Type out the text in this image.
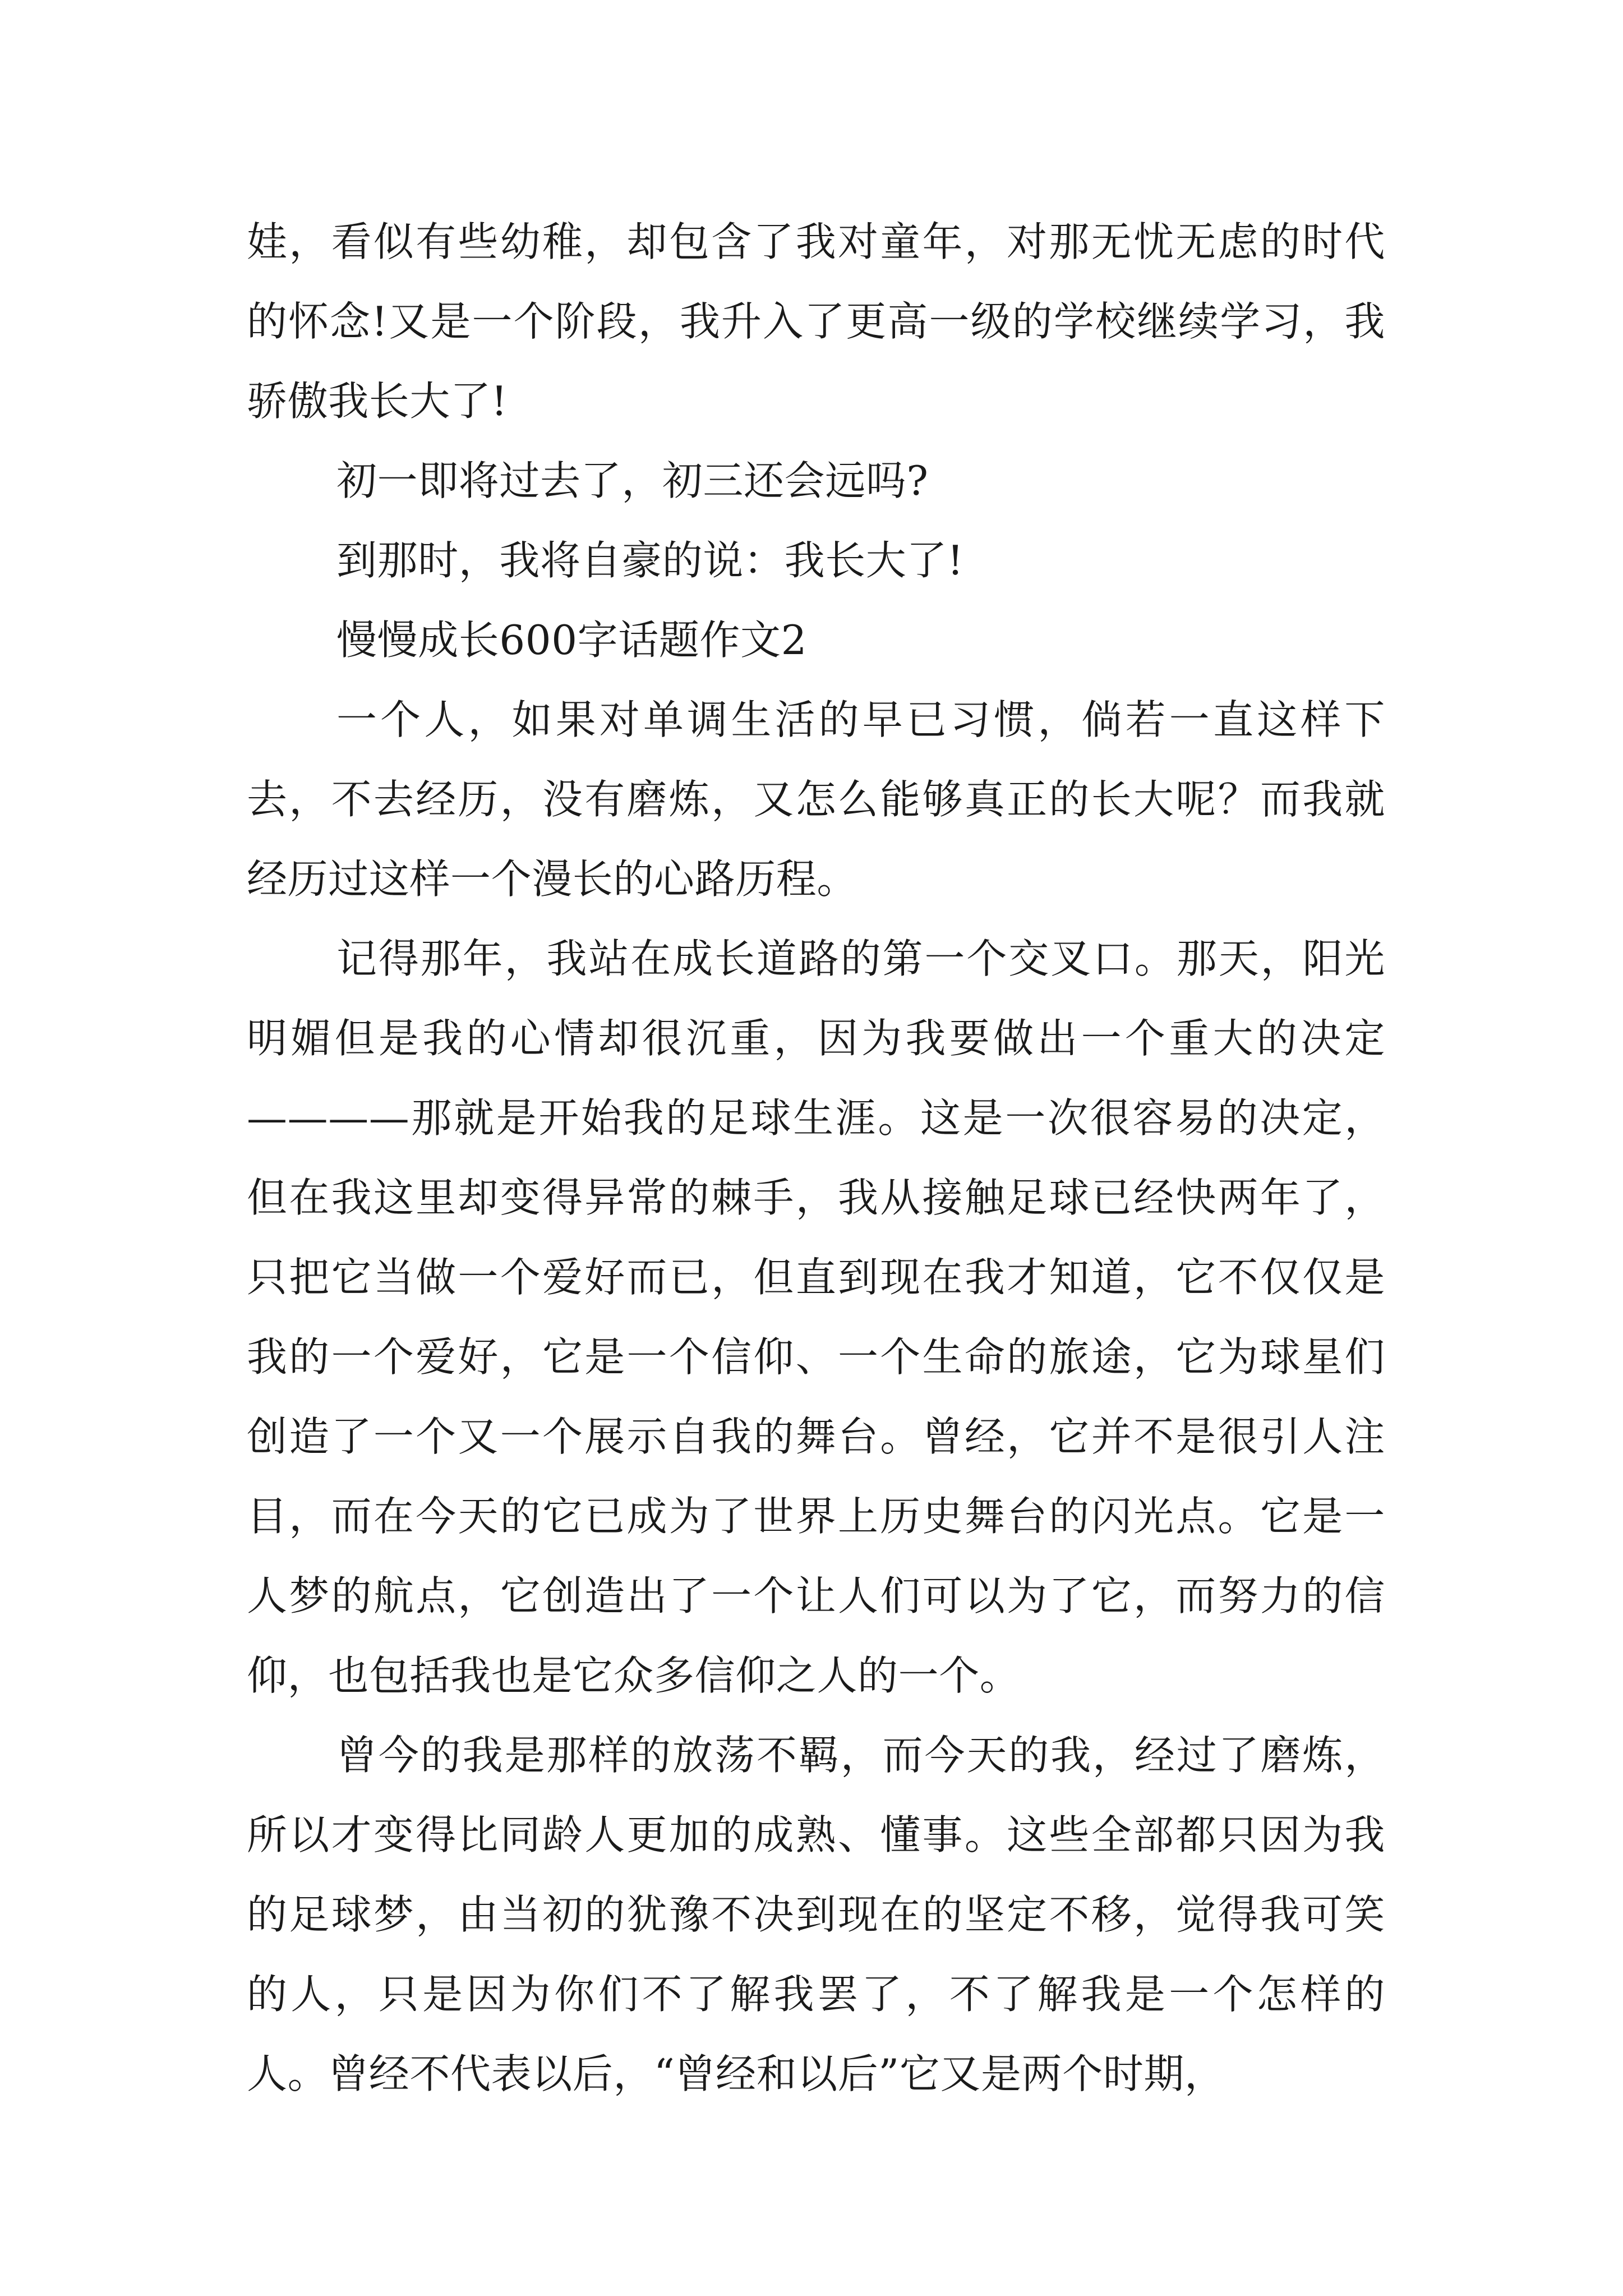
娃，看似有些幼稚，却包含了我对童年，对那无忧无虑的时代的怀念!又是一个阶段，我升入了更高一级的学校继续学习，我骄傲我长大了!

初一即将过去了，初三还会远吗?

到那时，我将自豪的说：我长大了!

慢慢成长600字话题作文2

一个人，如果对单调生活的早已习惯，倘若一直这样下去，不去经历，没有磨炼，又怎么能够真正的长大呢？而我就经历过这样一个漫长的心路历程。

记得那年，我站在成长道路的第一个交叉口。那天，阳光明媚但是我的心情却很沉重，因为我要做出一个重大的决定————那就是开始我的足球生涯。这是一次很容易的决定，但在我这里却变得异常的棘手，我从接触足球已经快两年了，只把它当做一个爱好而已，但直到现在我才知道，它不仅仅是我的一个爱好，它是一个信仰、一个生命的旅途，它为球星们创造了一个又一个展示自我的舞台。曾经，它并不是很引人注目，而在今天的它已成为了世界上历史舞台的闪光点。它是一人梦的航点，它创造出了一个让人们可以为了它，而努力的信仰，也包括我也是它众多信仰之人的一个。

曾今的我是那样的放荡不羁，而今天的我，经过了磨炼，所以才变得比同龄人更加的成熟、懂事。这些全部都只因为我的足球梦，由当初的犹豫不决到现在的坚定不移，觉得我可笑的人，只是因为你们不了解我罢了，不了解我是一个怎样的人。曾经不代表以后，“曾经和以后”它又是两个时期，
